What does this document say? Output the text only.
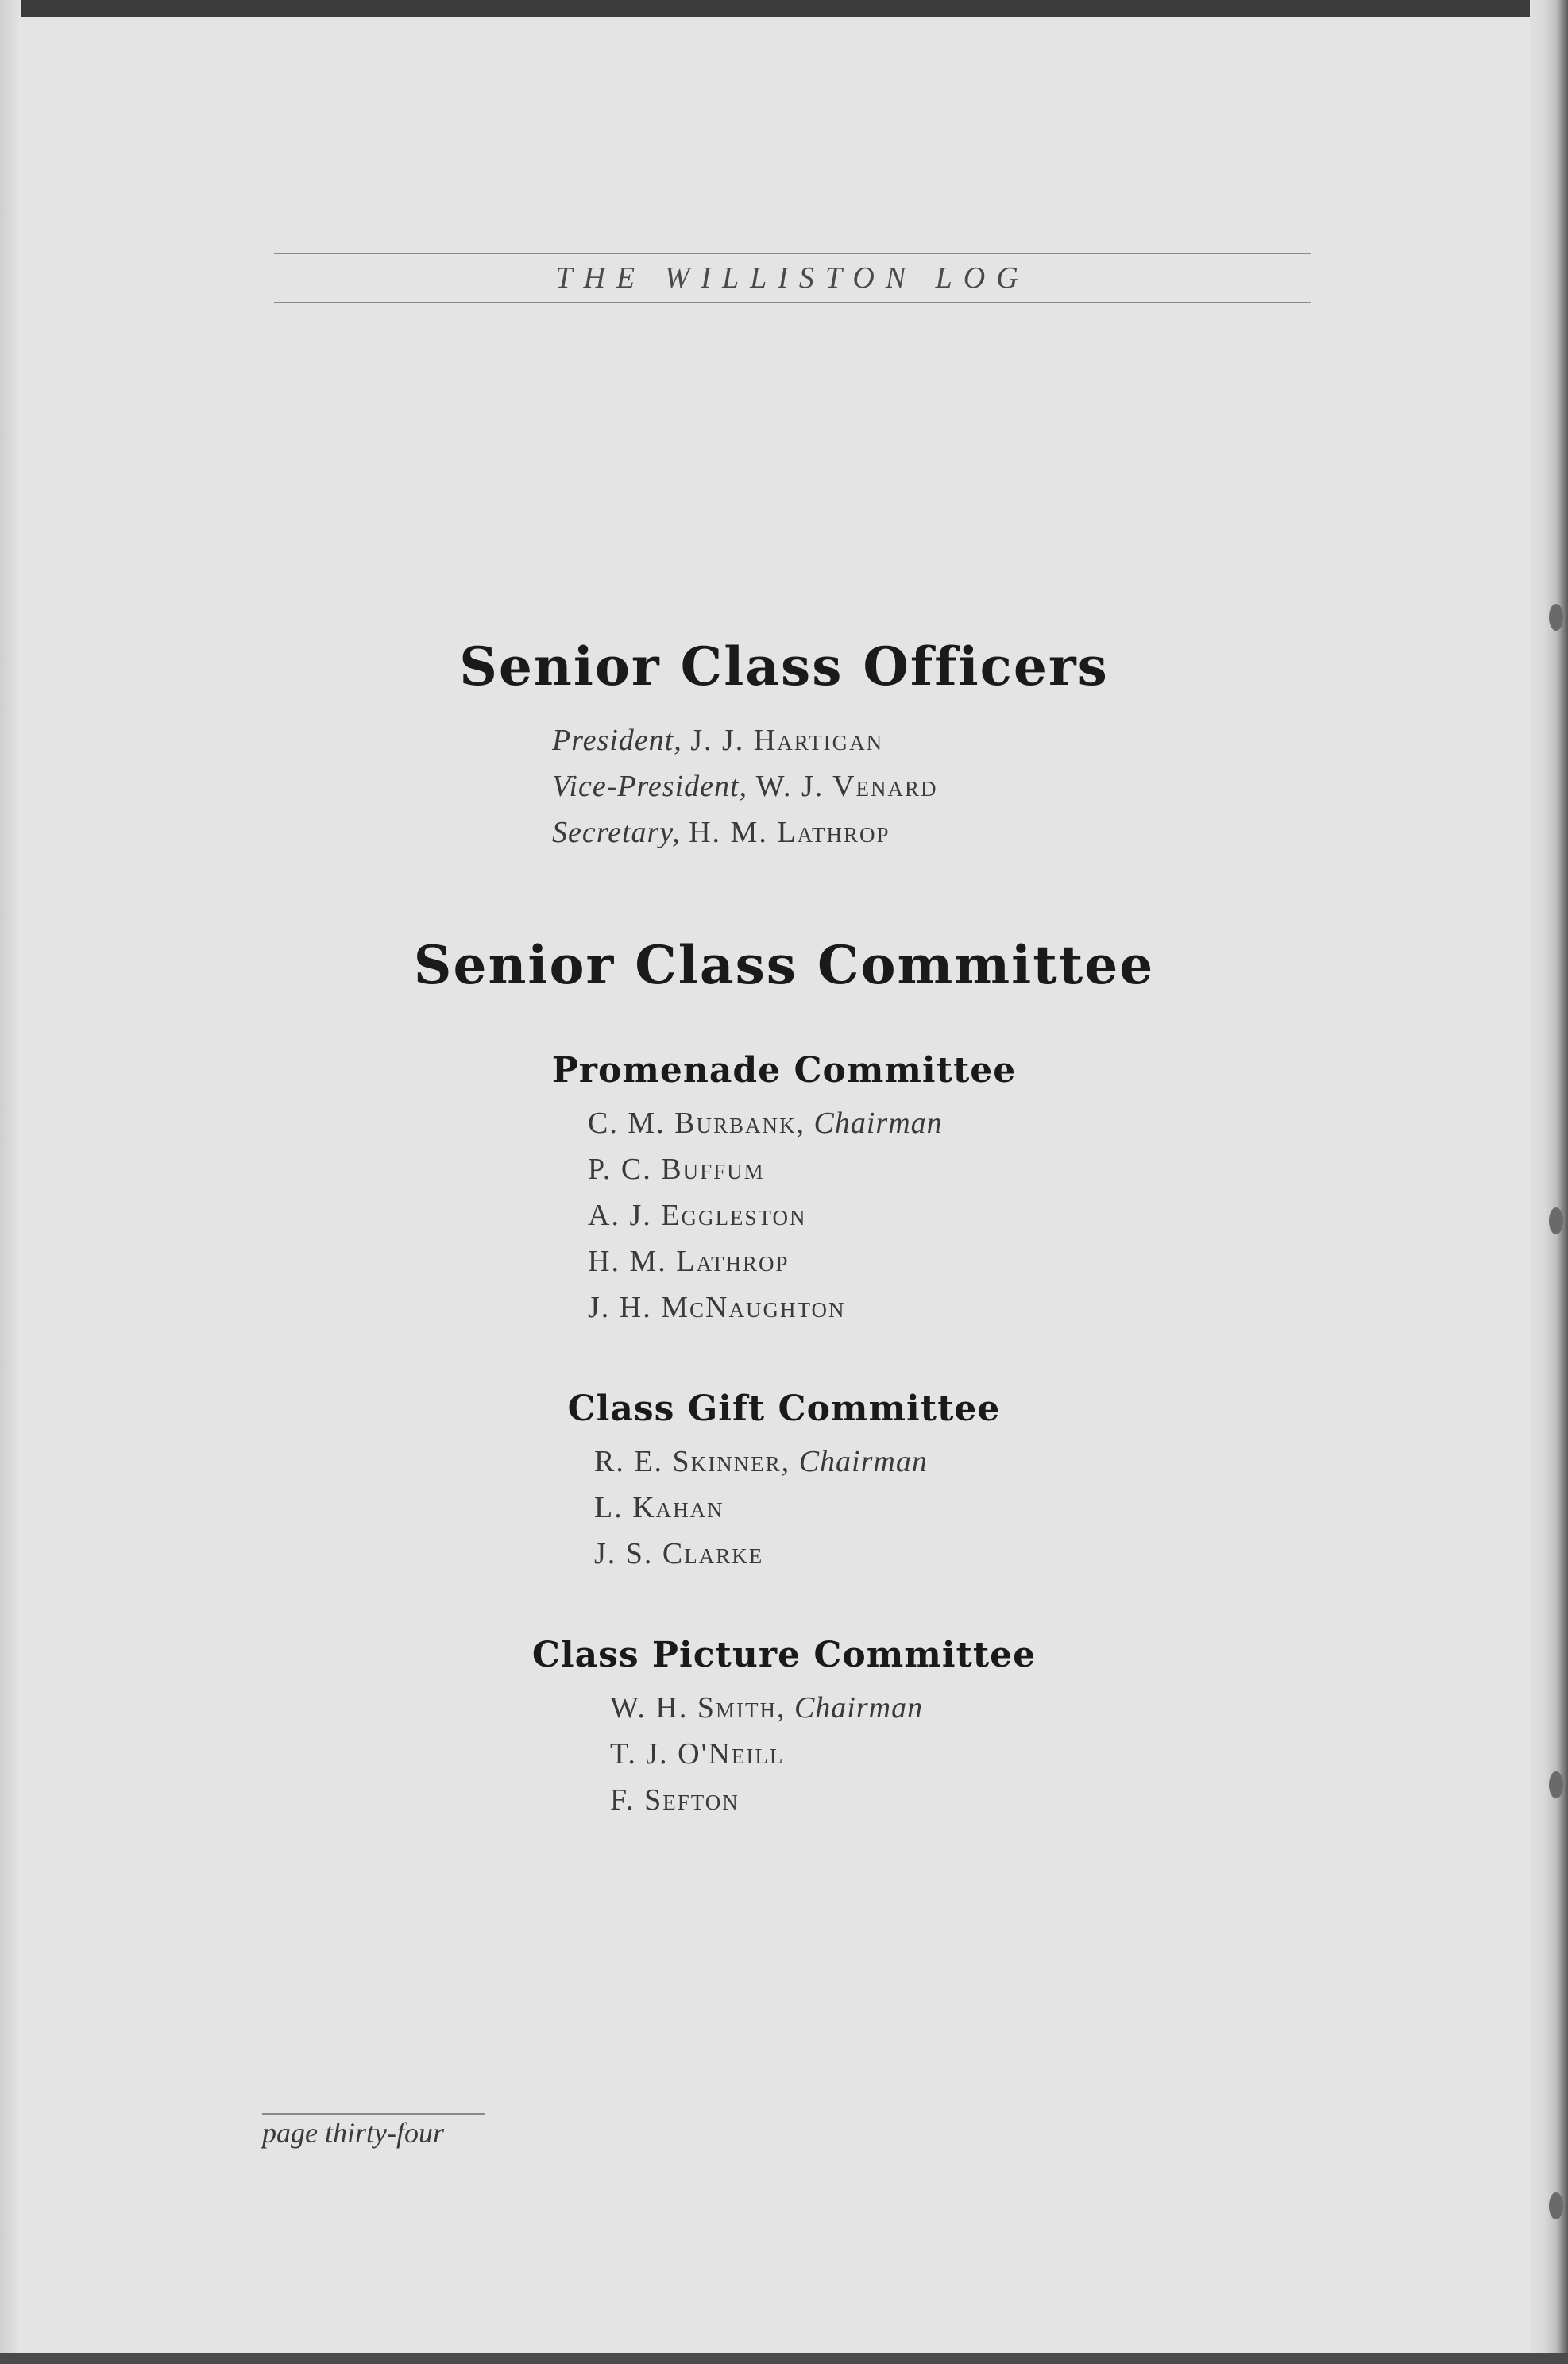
THE WILLISTON LOG
Senior Class Officers
President, J. J. Hartigan
Vice-President, W. J. Venard
Secretary, H. M. Lathrop
Senior Class Committee
Promenade Committee
C. M. Burbank, Chairman
P. C. Buffum
A. J. Eggleston
H. M. Lathrop
J. H. McNaughton
Class Gift Committee
R. E. Skinner, Chairman
L. Kahan
J. S. Clarke
Class Picture Committee
W. H. Smith, Chairman
T. J. O'Neill
F. Sefton
page thirty-four
